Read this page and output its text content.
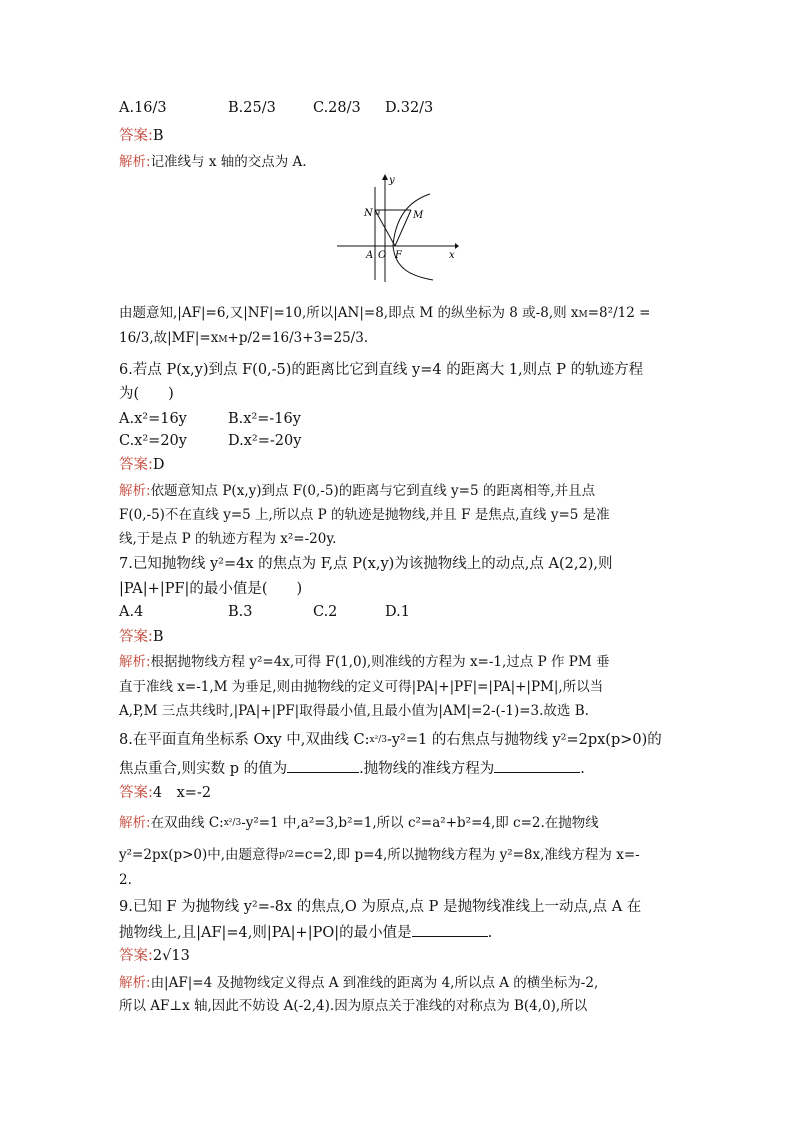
A.16/3	B.25/3	C.28/3 D.32/3
答案:B
解析:记准线与 x 轴的交点为 A.
y
x
N	M
A O F
由题意知,|AF|=6,又|NF|=10,所以|AN|=8,即点 M 的纵坐标为 8 或-8,则 xM=8²/12 =
16/3,故|MF|=xM+p/2=16/3+3=25/3.
6.若点 P(x,y)到点 F(0,-5)的距离比它到直线 y=4 的距离大 1,则点 P 的轨迹方程
为(　　)
A.x²=16y	B.x²=-16y
C.x²=20y	D.x²=-20y
答案:D
解析:依题意知点 P(x,y)到点 F(0,-5)的距离与它到直线 y=5 的距离相等,并且点
F(0,-5)不在直线 y=5 上,所以点 P 的轨迹是抛物线,并且 F 是焦点,直线 y=5 是准
线,于是点 P 的轨迹方程为 x²=-20y.
7.已知抛物线 y²=4x 的焦点为 F,点 P(x,y)为该抛物线上的动点,点 A(2,2),则
|PA|+|PF|的最小值是(　　)
A.4	B.3	C.2	D.1
答案:B
解析:根据抛物线方程 y²=4x,可得 F(1,0),则准线的方程为 x=-1,过点 P 作 PM 垂
直于准线 x=-1,M 为垂足,则由抛物线的定义可得|PA|+|PF|=|PA|+|PM|,所以当
A,P,M 三点共线时,|PA|+|PF|取得最小值,且最小值为|AM|=2-(-1)=3.故选 B.
8.在平面直角坐标系 Oxy 中,双曲线 C:x²/3-y²=1 的右焦点与抛物线 y²=2px(p>0)的
焦点重合,则实数 p 的值为	.抛物线的准线方程为	.
答案:4　x=-2
解析:在双曲线 C:x²/3-y²=1 中,a²=3,b²=1,所以 c²=a²+b²=4,即 c=2.在抛物线
y²=2px(p>0)中,由题意得p/2=c=2,即 p=4,所以抛物线方程为 y²=8x,准线方程为 x=-
2.
9.已知 F 为抛物线 y²=-8x 的焦点,O 为原点,点 P 是抛物线准线上一动点,点 A 在
抛物线上,且|AF|=4,则|PA|+|PO|的最小值是	.
答案:2√13
解析:由|AF|=4 及抛物线定义得点 A 到准线的距离为 4,所以点 A 的横坐标为-2,
所以 AF⊥x 轴,因此不妨设 A(-2,4).因为原点关于准线的对称点为 B(4,0),所以
